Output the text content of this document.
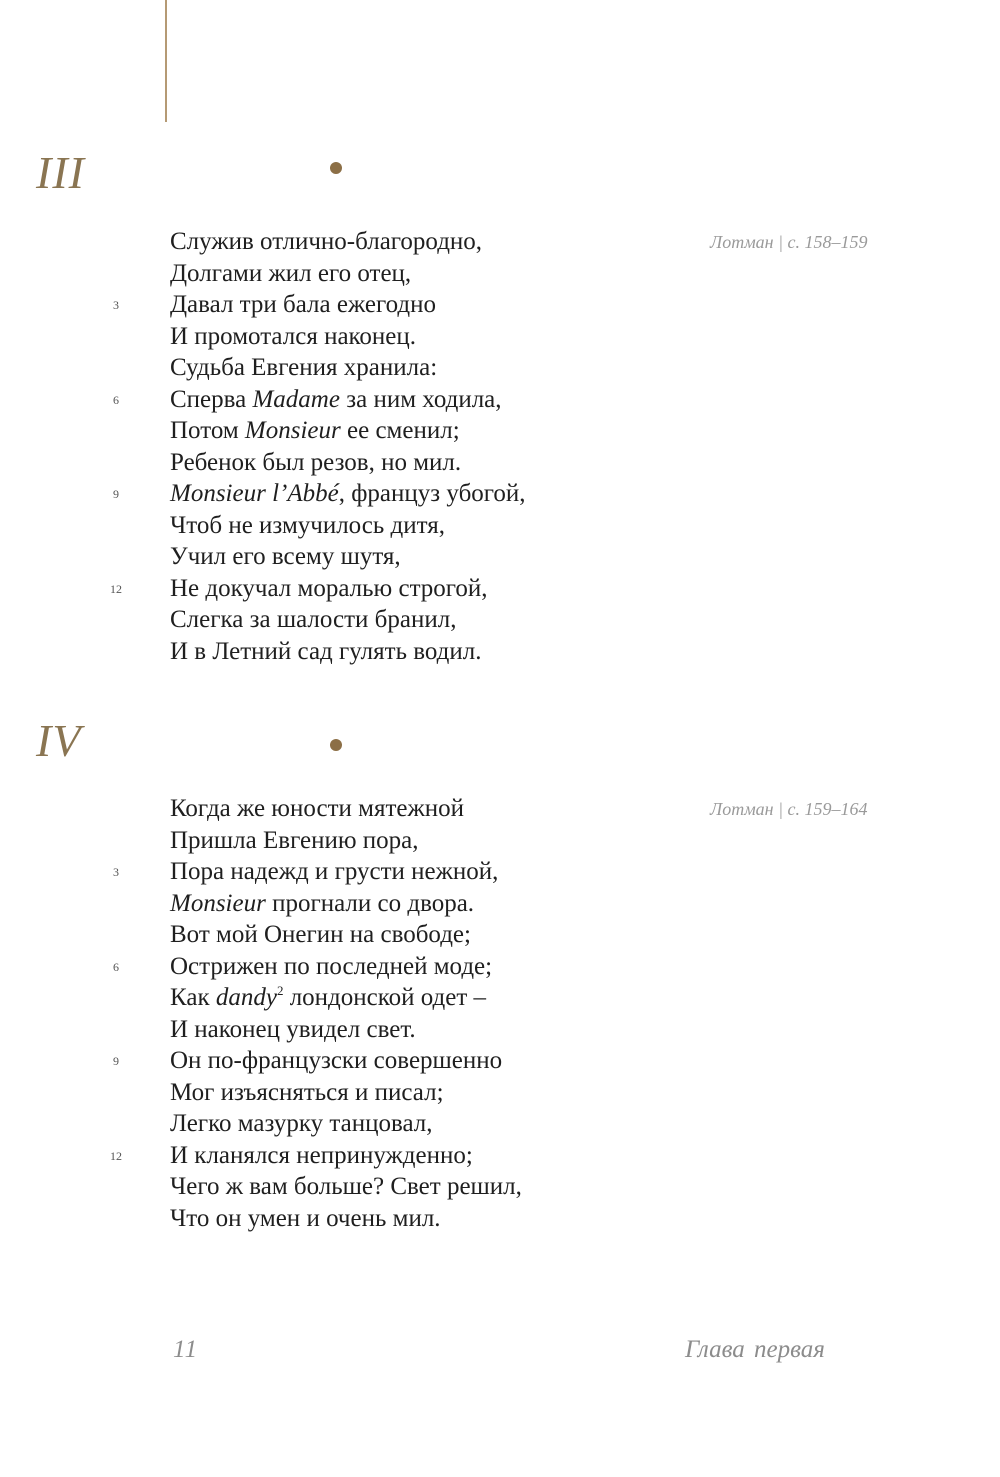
III
Лотман | с. 158–159
Служив отлично-благородно,
Долгами жил его отец,
Давал три бала ежегодно
3
И промотался наконец.
Судьба Евгения хранила:
Сперва Madame за ним ходила,
6
Потом Monsieur ее сменил;
Ребенок был резов, но мил.
Monsieur l’Abbé, француз убогой,
9
Чтоб не измучилось дитя,
Учил его всему шутя,
Не докучал моралью строгой,
12
Слегка за шалости бранил,
И в Летний сад гулять водил.
IV
Лотман | с. 159–164
Когда же юности мятежной
Пришла Евгению пора,
Пора надежд и грусти нежной,
3
Monsieur прогнали со двора.
Вот мой Онегин на свободе;
Острижен по последней моде;
6
Как dandy$^2$ лондонской одет –
И наконец увидел свет.
Он по-французски совершенно
9
Мог изъясняться и писал;
Легко мазурку танцовал,
И кланялся непринужденно;
12
Чего ж вам больше? Свет решил,
Что он умен и очень мил.
11	Глава первая
